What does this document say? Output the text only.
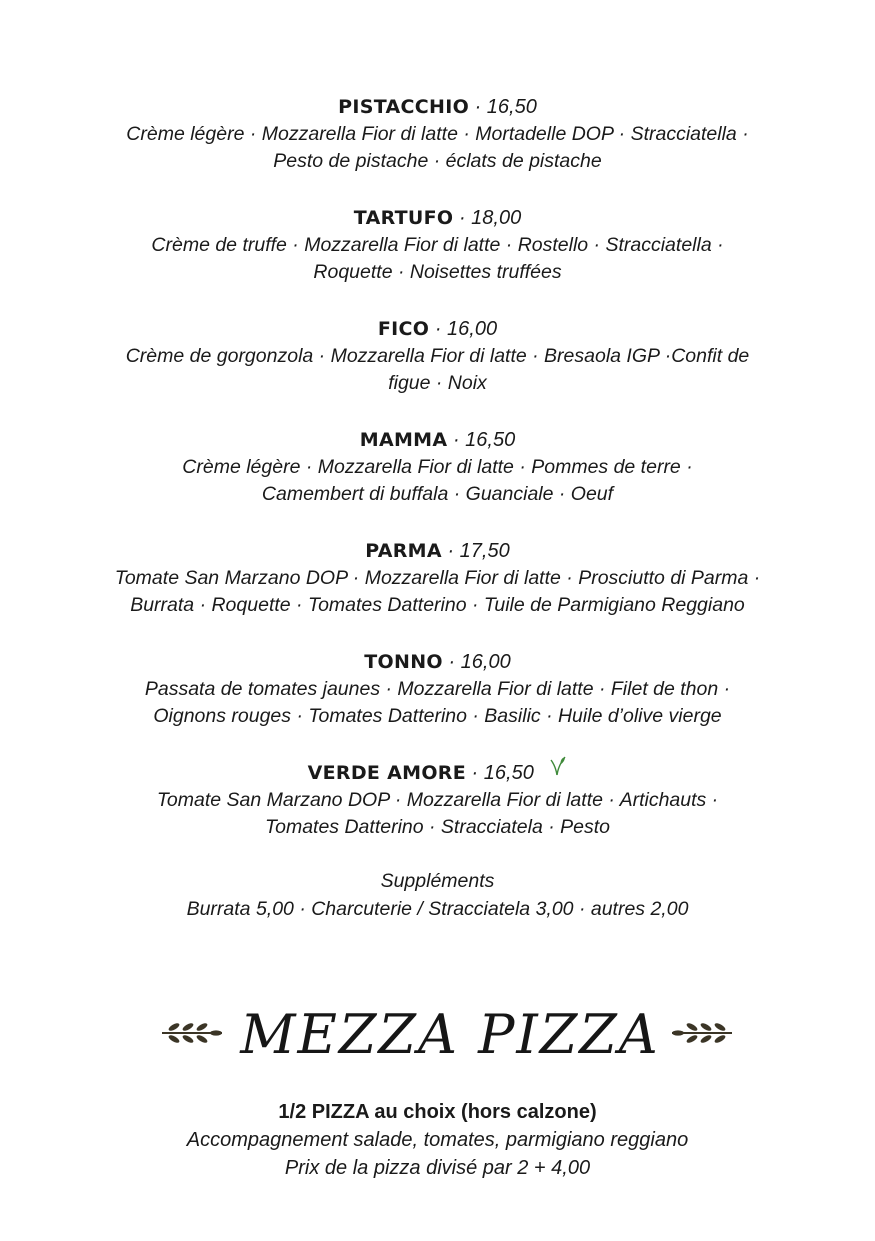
PISTACCHIO · 16,50
Crème légère · Mozzarella Fior di latte · Mortadelle DOP · Stracciatella ·
Pesto de pistache · éclats de pistache
TARTUFO · 18,00
Crème de truffe · Mozzarella Fior di latte · Rostello · Stracciatella ·
Roquette · Noisettes truffées
FICO · 16,00
Crème de gorgonzola · Mozzarella Fior di latte · Bresaola IGP ·Confit de
figue · Noix
MAMMA · 16,50
Crème légère · Mozzarella Fior di latte · Pommes de terre ·
Camembert di buffala · Guanciale · Oeuf
PARMA · 17,50
Tomate San Marzano DOP · Mozzarella Fior di latte · Prosciutto di Parma ·
Burrata · Roquette · Tomates Datterino · Tuile de Parmigiano Reggiano
TONNO · 16,00
Passata de tomates jaunes · Mozzarella Fior di latte · Filet de thon ·
Oignons rouges · Tomates Datterino · Basilic · Huile d’olive vierge
VERDE AMORE · 16,50
Tomate San Marzano DOP · Mozzarella Fior di latte · Artichauts ·
Tomates Datterino · Stracciatela · Pesto
Suppléments
Burrata 5,00 · Charcuterie / Stracciatela 3,00 · autres 2,00
MEZZA PIZZA
1/2 PIZZA au choix (hors calzone)
Accompagnement salade, tomates, parmigiano reggiano
Prix de la pizza divisé par 2 + 4,00
